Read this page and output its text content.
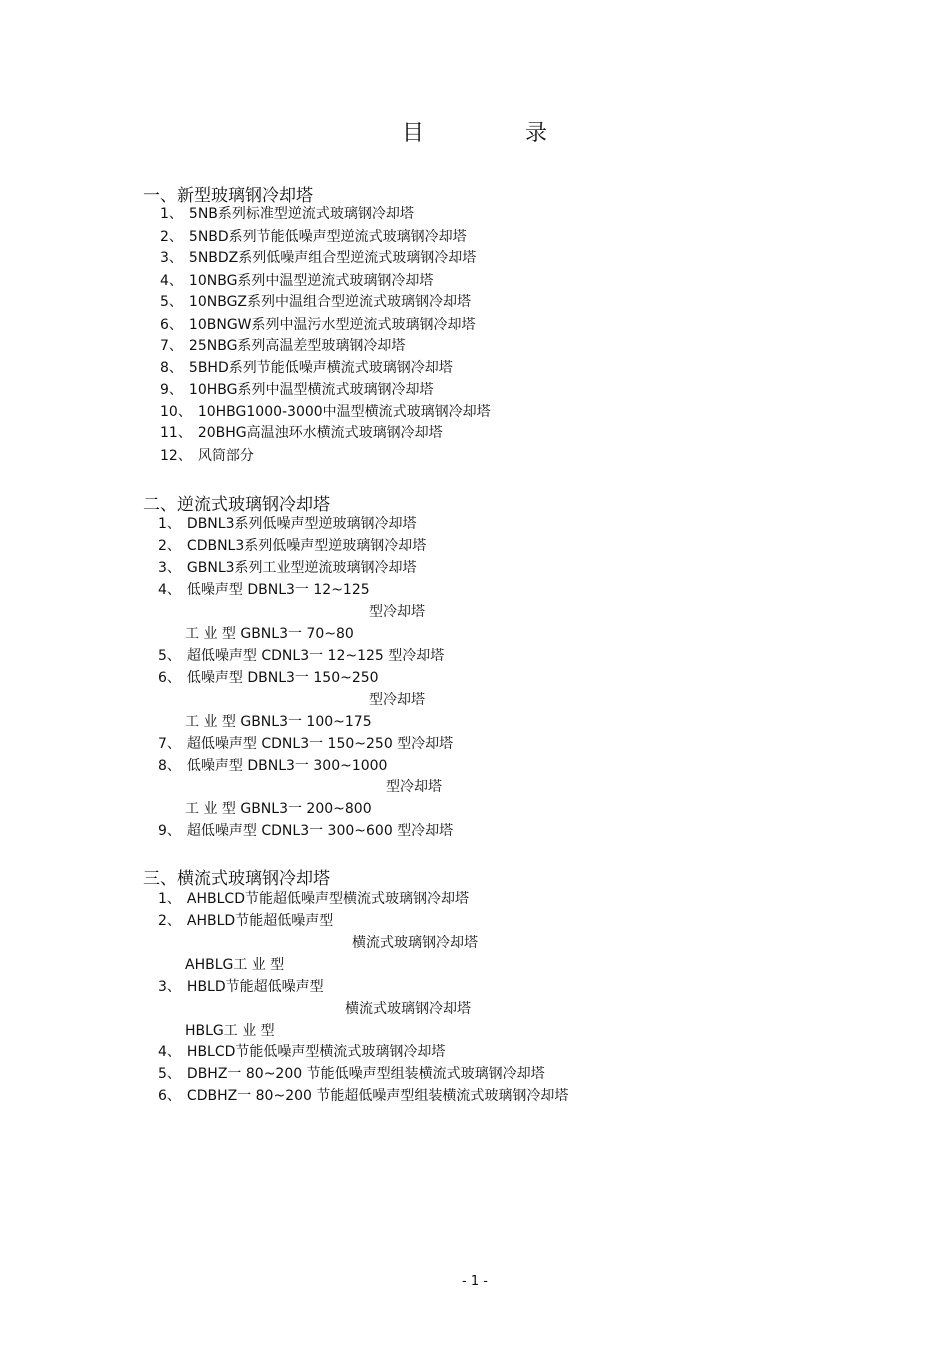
目	录
一、新型玻璃钢冷却塔
1、 5NB系列标准型逆流式玻璃钢冷却塔
2、 5NBD系列节能低噪声型逆流式玻璃钢冷却塔
3、 5NBDZ系列低噪声组合型逆流式玻璃钢冷却塔
4、 10NBG系列中温型逆流式玻璃钢冷却塔
5、 10NBGZ系列中温组合型逆流式玻璃钢冷却塔
6、 10BNGW系列中温污水型逆流式玻璃钢冷却塔
7、 25NBG系列高温差型玻璃钢冷却塔
8、 5BHD系列节能低噪声横流式玻璃钢冷却塔
9、 10HBG系列中温型横流式玻璃钢冷却塔
10、 10HBG1000-3000中温型横流式玻璃钢冷却塔
11、 20BHG高温浊环水横流式玻璃钢冷却塔
12、 风筒部分
二、逆流式玻璃钢冷却塔
1、 DBNL3系列低噪声型逆玻璃钢冷却塔
2、 CDBNL3系列低噪声型逆玻璃钢冷却塔
3、 GBNL3系列工业型逆流玻璃钢冷却塔
4、 低噪声型 DBNL3一 12~125
型冷却塔
工 业 型 GBNL3一 70~80
5、 超低噪声型 CDNL3一 12~125 型冷却塔
6、 低噪声型 DBNL3一 150~250
型冷却塔
工 业 型 GBNL3一 100~175
7、 超低噪声型 CDNL3一 150~250 型冷却塔
8、 低噪声型 DBNL3一 300~1000
型冷却塔
工 业 型 GBNL3一 200~800
9、 超低噪声型 CDNL3一 300~600 型冷却塔
三、横流式玻璃钢冷却塔
1、 AHBLCD节能超低噪声型横流式玻璃钢冷却塔
2、 AHBLD节能超低噪声型
横流式玻璃钢冷却塔
AHBLG工 业 型
3、 HBLD节能超低噪声型
横流式玻璃钢冷却塔
HBLG工 业 型
4、 HBLCD节能低噪声型横流式玻璃钢冷却塔
5、 DBHZ一 80~200 节能低噪声型组装横流式玻璃钢冷却塔
6、 CDBHZ一 80~200 节能超低噪声型组装横流式玻璃钢冷却塔
- 1 -
